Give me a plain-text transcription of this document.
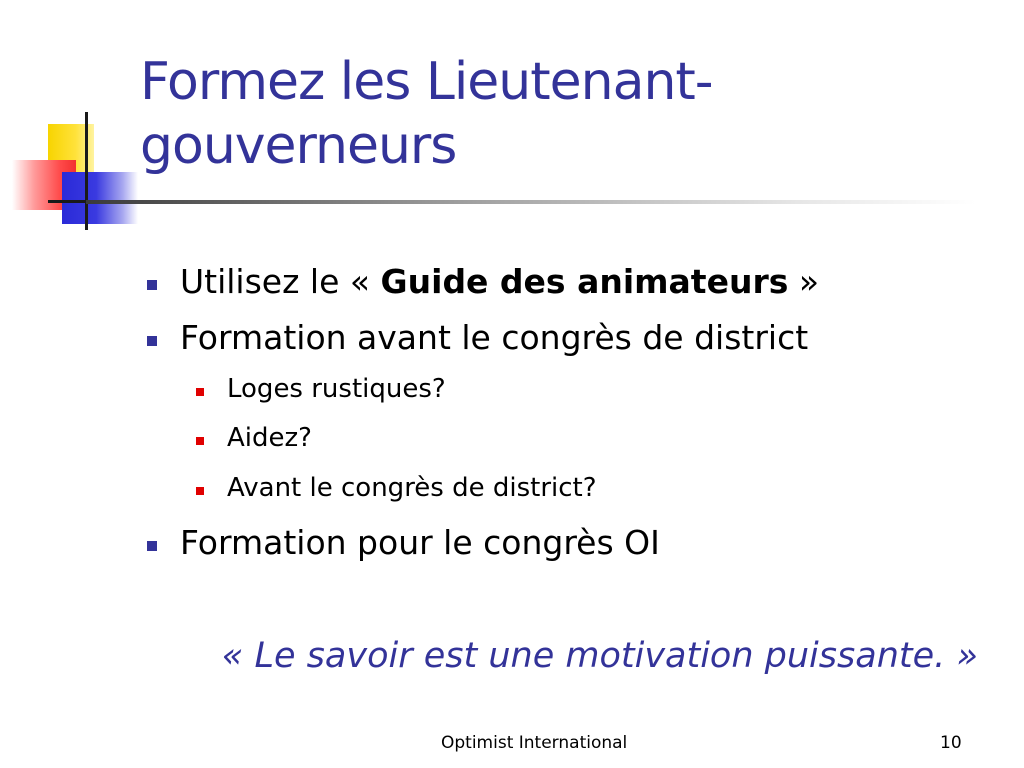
Formez les Lieutenant-gouverneurs
Utilisez le « Guide des animateurs »
Formation avant le congrès de district
Loges rustiques?
Aidez?
Avant le congrès de district?
Formation pour le congrès OI

« Le savoir est une motivation puissante. »

Optimist International	10
